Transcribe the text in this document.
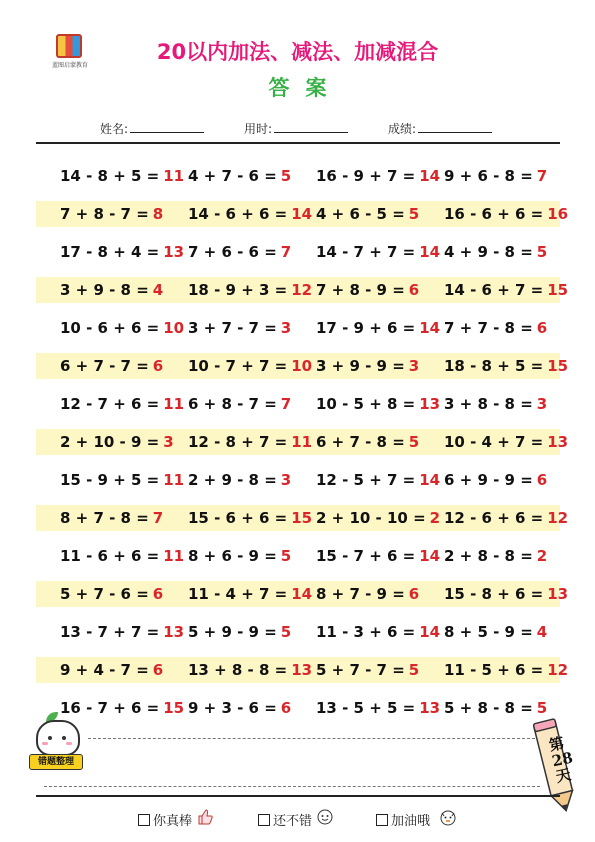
蓝图启蒙教育
20以内加法、减法、加减混合
答案
姓名:	用时:	成绩:
14 - 8 + 5 = 11 4 + 7 - 6 = 5 16 - 9 + 7 = 14 9 + 6 - 8 = 7
7 + 8 - 7 = 8 14 - 6 + 6 = 14 4 + 6 - 5 = 5 16 - 6 + 6 = 16
17 - 8 + 4 = 13 7 + 6 - 6 = 7 14 - 7 + 7 = 14 4 + 9 - 8 = 5
3 + 9 - 8 = 4 18 - 9 + 3 = 12 7 + 8 - 9 = 6 14 - 6 + 7 = 15
10 - 6 + 6 = 10 3 + 7 - 7 = 3 17 - 9 + 6 = 14 7 + 7 - 8 = 6
6 + 7 - 7 = 6 10 - 7 + 7 = 10 3 + 9 - 9 = 3 18 - 8 + 5 = 15
12 - 7 + 6 = 11 6 + 8 - 7 = 7 10 - 5 + 8 = 13 3 + 8 - 8 = 3
2 + 10 - 9 = 3 12 - 8 + 7 = 11 6 + 7 - 8 = 5 10 - 4 + 7 = 13
15 - 9 + 5 = 11 2 + 9 - 8 = 3 12 - 5 + 7 = 14 6 + 9 - 9 = 6
8 + 7 - 8 = 7 15 - 6 + 6 = 15 2 + 10 - 10 = 2 12 - 6 + 6 = 12
11 - 6 + 6 = 11 8 + 6 - 9 = 5 15 - 7 + 6 = 14 2 + 8 - 8 = 2
5 + 7 - 6 = 6 11 - 4 + 7 = 14 8 + 7 - 9 = 6 15 - 8 + 6 = 13
13 - 7 + 7 = 13 5 + 9 - 9 = 5 11 - 3 + 6 = 14 8 + 5 - 9 = 4
9 + 4 - 7 = 6 13 + 8 - 8 = 13 5 + 7 - 7 = 5 11 - 5 + 6 = 12
16 - 7 + 6 = 15 9 + 3 - 6 = 6 13 - 5 + 5 = 13 5 + 8 - 8 = 5
错题整理
第28天
你真棒	还不错	加油哦
